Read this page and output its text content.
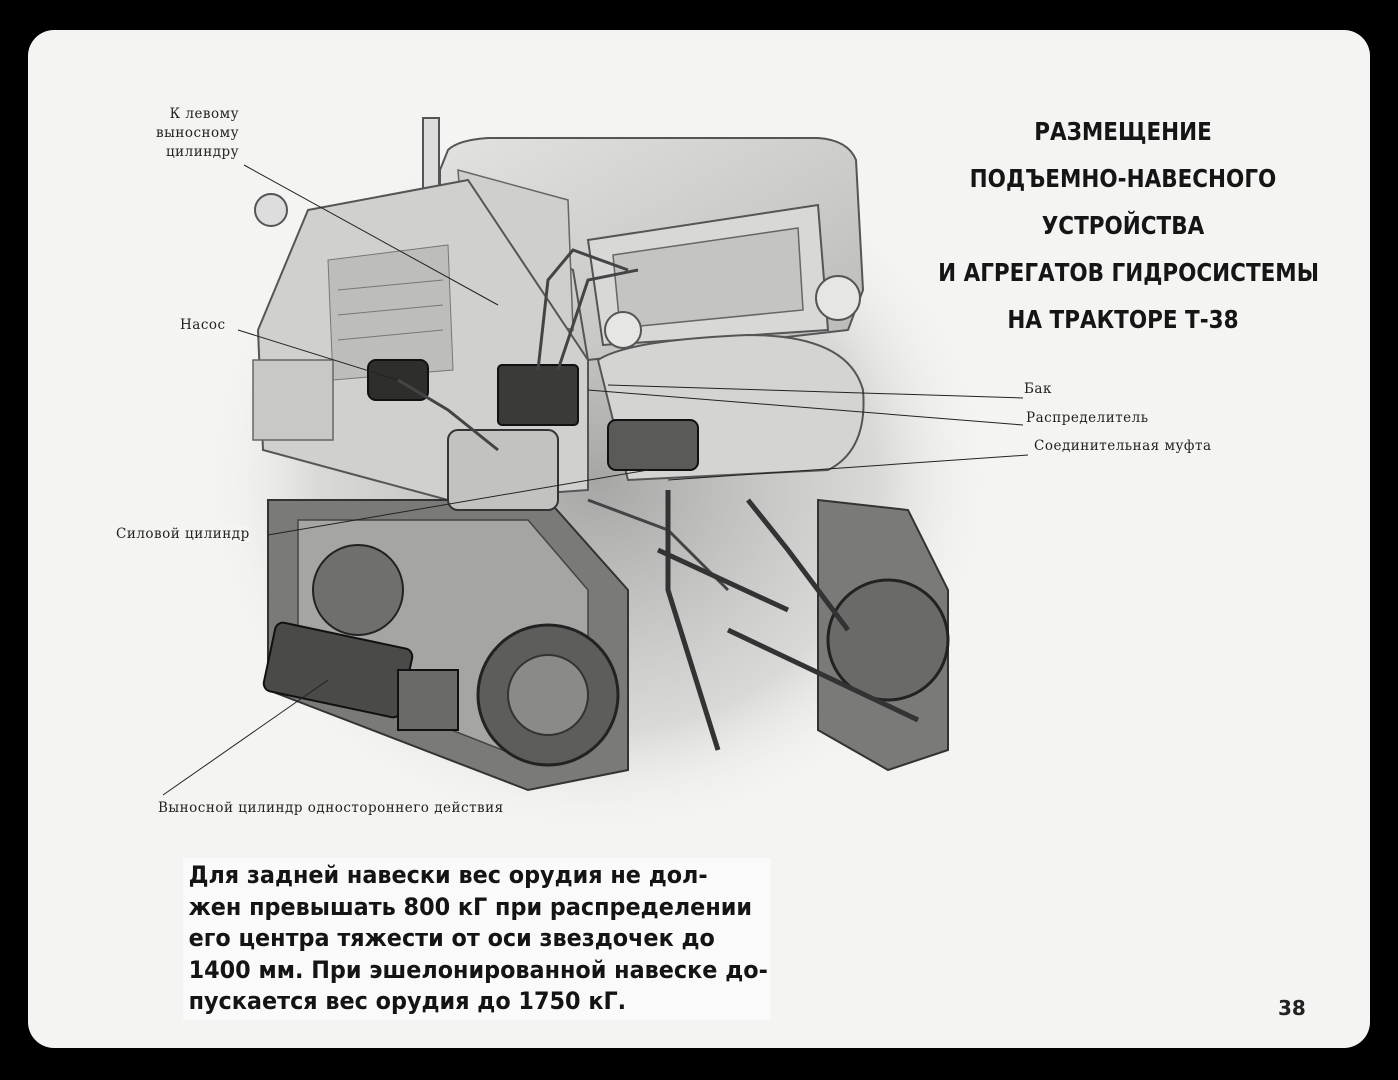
РАЗМЕЩЕНИЕ
ПОДЪЕМНО-НАВЕСНОГО
УСТРОЙСТВА
И АГРЕГАТОВ ГИДРОСИСТЕМЫ
НА ТРАКТОРЕ Т-38
К левому
выносному
цилиндру
Насос
Силовой цилиндр
Выносной цилиндр одностороннего действия
Бак
Распределитель
Соединительная муфта
Для задней навески вес орудия не дол-
жен превышать 800 кГ при распределении
его центра тяжести от оси звездочек до
1400 мм. При эшелонированной навеске до-
пускается вес орудия до 1750 кГ.	38
